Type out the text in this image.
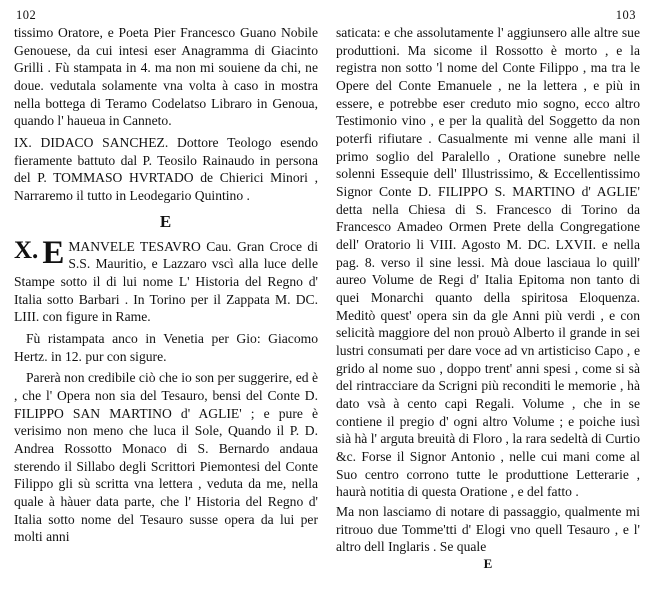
102

tissimo Oratore, e Poeta Pier Francesco Guano Nobile Genouese, da cui intesi eser Anagramma di Giacinto Grilli . Fù stampata in 4. ma non mi souiene da chi, ne doue. vedutala solamente vna volta à caso in mostra nella bottega di Teramo Codelatso Libraro in Genoua, quando l' haueua in Canneto.

IX. DIDACO SANCHEZ. Dottore Teologo esendo fieramente battuto dal P. Teosilo Rainaudo in persona del P. TOMMASO HVRTADO de Chierici Minori , Narraremo il tutto in Leodegario Quintino .

E
X. E MANVELE TESAVRO Cau. Gran Croce di S.S. Mauritio, e Lazzaro vscì alla luce delle Stampe sotto il di lui nome L' Historia del Regno d' Italia sotto Barbari . In Torino per il Zappata M. DC. LIII. con figure in Rame.

Fù ristampata anco in Venetia per Gio: Giacomo Hertz. in 12. pur con sigure.

Parerà non credibile ciò che io son per suggerire, ed è , che l' Opera non sia del Tesauro, bensi del Conte D. FILIPPO SAN MARTINO d' AGLIE' ; e pure è verisimo non meno che luca il Sole, Quando il P. D. Andrea Rossotto Monaco di S. Bernardo andaua sterendo il Sillabo degli Scrittori Piemontesi del Conte Filippo gli sù scritta vna lettera , veduta da me, nella quale à hàuer data parte, che l' Historia del Regno d' Italia sotto nome del Tesauro susse opera da lui per molti anni

103

saticata: e che assolutamente l' aggiunsero alle altre sue produttioni. Ma sicome il Rossotto è morto , e la registra non sotto 'l nome del Conte Filippo , ma tra le Opere del Conte Emanuele , ne la lettera , e più in essere, e potrebbe eser creduto mio sogno, ecco altro Testimonio vino , e per la qualità del Soggetto da non poterfi rifiutare . Casualmente mi venne alle mani il primo soglio del Paralello , Oratione sunebre nelle solenni Essequie dell' Illustrissimo, & Eccellentissimo Signor Conte D. FILIPPO S. MARTINO d' AGLIE' detta nella Chiesa di S. Francesco di Torino da Francesco Amadeo Ormen Prete della Congregatione dell' Oratorio li VIII. Agosto M. DC. LXVII. e nella pag. 8. verso il sine lessi. Mà doue lasciaua lo quill' aureo Volume de Regi d' Italia Epitoma non tanto di quei Monarchi quanto della spiritosa Eloquenza. Meditò quest' opera sin da gle Anni più verdi , e con selicità maggiore del non prouò Alberto il grande in sei lustri consumati per dare voce ad vn artisticiso Capo , e grido al nome suo , doppo trent' anni spesi , come si sà del rintracciare da Scrigni più reconditi le memorie , hà dato vsà à cento capi Regali. Volume , che in se contiene il pregio d' ogni altro Volume ; e poiche iusì sià hà l' arguta breuità di Floro , la rara sedeltà di Curtio &c. Forse il Signor Antonio , nelle cui mani come al Suo centro corrono tutte le produttione Letterarie , haurà notitia di questa Oratione , e del fatto .

Ma non lasciamo di notare di passaggio, qualmente mi ritrouo due Tomme'tti d' Elogi vno quell Tesauro , e l' altro dell Inglaris . Se quale

E
